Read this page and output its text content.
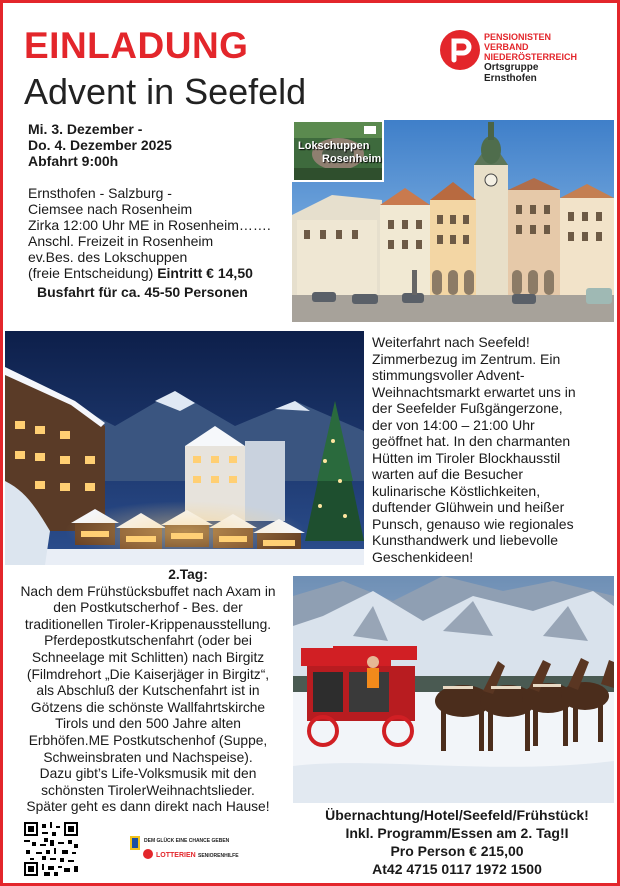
EINLADUNG
Advent in Seefeld
PENSIONISTEN
VERBAND
NIEDERÖSTERREICH
Ortsgruppe
Ernsthofen
Mi. 3. Dezember -
Do. 4. Dezember 2025
Abfahrt 9:00h
Ernsthofen - Salzburg -
Ciemsee nach Rosenheim
Zirka 12:00 Uhr ME in Rosenheim…….
Anschl. Freizeit in Rosenheim
ev.Bes. des Lokschuppen
(freie Entscheidung) Eintritt € 14,50
Busfahrt für ca. 45-50 Personen
Lokschuppen
Rosenheim
Weiterfahrt nach Seefeld!
Zimmerbezug im Zentrum. Ein
stimmungsvoller Advent-
Weihnachtsmarkt erwartet uns in
der Seefelder Fußgängerzone,
der von 14:00 – 21:00 Uhr
geöffnet hat. In den charmanten
Hütten im Tiroler Blockhausstil
warten auf die Besucher
kulinarische Köstlichkeiten,
duftender Glühwein und heißer
Punsch, genauso wie regionales
Kunsthandwerk und liebevolle
Geschenkideen!
2.Tag:
Nach dem Frühstücksbuffet nach Axam in
den Postkutscherhof - Bes. der
traditionellen Tiroler-Krippenausstellung.
Pferdepostkutschenfahrt (oder bei
Schneelage mit Schlitten) nach Birgitz
(Filmdrehort „Die Kaiserjäger in Birgitz“,
als Abschluß der Kutschenfahrt ist in
Götzens die schönste Wallfahrtskirche
Tirols und den 500 Jahre alten
Erbhöfen.ME Postkutschenhof (Suppe,
Schweinsbraten und Nachspeise).
Dazu gibt’s Life-Volksmusik mit den
schönsten TirolerWeihnachtslieder.
Später geht es dann direkt nach Hause!
Übernachtung/Hotel/Seefeld/Frühstück!
Inkl. Programm/Essen am 2. Tag!I
Pro Person € 215,00
At42 4715 0117 1972 1500
DEM GLÜCK EINE CHANCE GEBEN
LOTTERIEN SENIORENHILFE
